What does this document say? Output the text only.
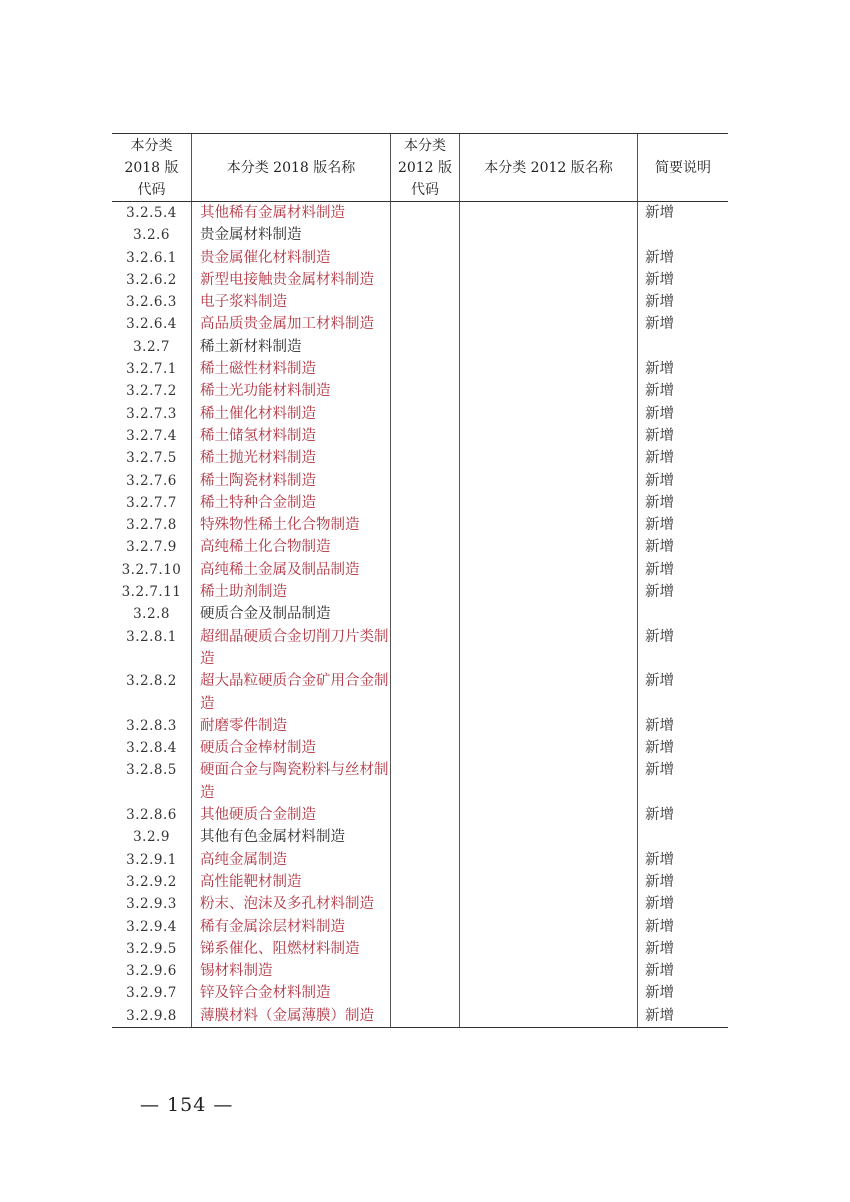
本分类
2018 版
代码	本分类 2018 版名称	本分类
2012 版
代码	本分类 2012 版名称	简要说明
3.2.5.4	其他稀有金属材料制造			新增
3.2.6	贵金属材料制造			
3.2.6.1	贵金属催化材料制造			新增
3.2.6.2	新型电接触贵金属材料制造			新增
3.2.6.3	电子浆料制造			新增
3.2.6.4	高品质贵金属加工材料制造			新增
3.2.7	稀土新材料制造			
3.2.7.1	稀土磁性材料制造			新增
3.2.7.2	稀土光功能材料制造			新增
3.2.7.3	稀土催化材料制造			新增
3.2.7.4	稀土储氢材料制造			新增
3.2.7.5	稀土抛光材料制造			新增
3.2.7.6	稀土陶瓷材料制造			新增
3.2.7.7	稀土特种合金制造			新增
3.2.7.8	特殊物性稀土化合物制造			新增
3.2.7.9	高纯稀土化合物制造			新增
3.2.7.10	高纯稀土金属及制品制造			新增
3.2.7.11	稀土助剂制造			新增
3.2.8	硬质合金及制品制造			
3.2.8.1	超细晶硬质合金切削刀片类制造			新增
3.2.8.2	超大晶粒硬质合金矿用合金制造			新增
3.2.8.3	耐磨零件制造			新增
3.2.8.4	硬质合金棒材制造			新增
3.2.8.5	硬面合金与陶瓷粉料与丝材制造			新增
3.2.8.6	其他硬质合金制造			新增
3.2.9	其他有色金属材料制造			
3.2.9.1	高纯金属制造			新增
3.2.9.2	高性能靶材制造			新增
3.2.9.3	粉末、泡沫及多孔材料制造			新增
3.2.9.4	稀有金属涂层材料制造			新增
3.2.9.5	锑系催化、阻燃材料制造			新增
3.2.9.6	锡材料制造			新增
3.2.9.7	锌及锌合金材料制造			新增
3.2.9.8	薄膜材料（金属薄膜）制造			新增
— 154 —
